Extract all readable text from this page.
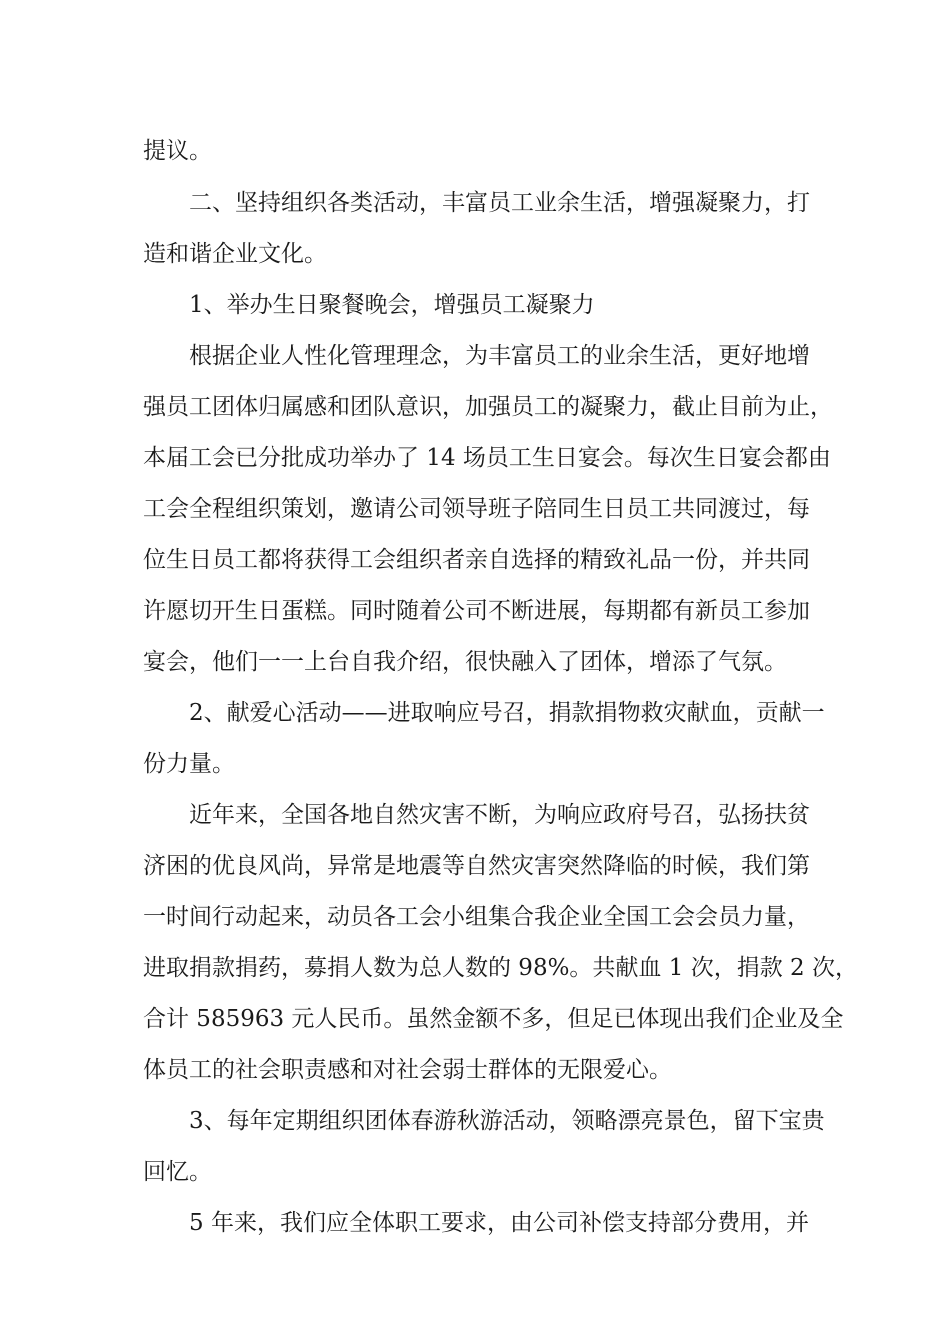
提议。
二、坚持组织各类活动，丰富员工业余生活，增强凝聚力，打
造和谐企业文化。
1、举办生日聚餐晚会，增强员工凝聚力
根据企业人性化管理理念，为丰富员工的业余生活，更好地增
强员工团体归属感和团队意识，加强员工的凝聚力，截止目前为止，
本届工会已分批成功举办了 14 场员工生日宴会。每次生日宴会都由
工会全程组织策划，邀请公司领导班子陪同生日员工共同渡过，每
位生日员工都将获得工会组织者亲自选择的精致礼品一份，并共同
许愿切开生日蛋糕。同时随着公司不断进展，每期都有新员工参加
宴会，他们一一上台自我介绍，很快融入了团体，增添了气氛。
2、献爱心活动——进取响应号召，捐款捐物救灾献血，贡献一
份力量。
近年来，全国各地自然灾害不断，为响应政府号召，弘扬扶贫
济困的优良风尚，异常是地震等自然灾害突然降临的时候，我们第
一时间行动起来，动员各工会小组集合我企业全国工会会员力量，
进取捐款捐药，募捐人数为总人数的 98%。共献血 1 次，捐款 2 次，
合计 585963 元人民币。虽然金额不多，但足已体现出我们企业及全
体员工的社会职责感和对社会弱士群体的无限爱心。
3、每年定期组织团体春游秋游活动，领略漂亮景色，留下宝贵
回忆。
5 年来，我们应全体职工要求，由公司补偿支持部分费用，并
